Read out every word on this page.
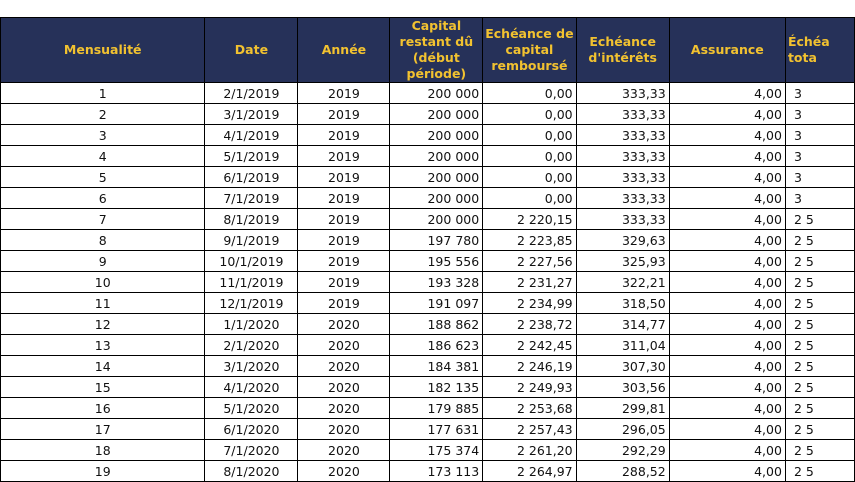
Mensualité	Date	Année	Capital restant dû (début période)	Echéance de capital remboursé	Echéance d'intérêts	Assurance	Échéa tota
1	2/1/2019	2019	200 000	0,00	333,33	4,00	3
2	3/1/2019	2019	200 000	0,00	333,33	4,00	3
3	4/1/2019	2019	200 000	0,00	333,33	4,00	3
4	5/1/2019	2019	200 000	0,00	333,33	4,00	3
5	6/1/2019	2019	200 000	0,00	333,33	4,00	3
6	7/1/2019	2019	200 000	0,00	333,33	4,00	3
7	8/1/2019	2019	200 000	2 220,15	333,33	4,00	2 5
8	9/1/2019	2019	197 780	2 223,85	329,63	4,00	2 5
9	10/1/2019	2019	195 556	2 227,56	325,93	4,00	2 5
10	11/1/2019	2019	193 328	2 231,27	322,21	4,00	2 5
11	12/1/2019	2019	191 097	2 234,99	318,50	4,00	2 5
12	1/1/2020	2020	188 862	2 238,72	314,77	4,00	2 5
13	2/1/2020	2020	186 623	2 242,45	311,04	4,00	2 5
14	3/1/2020	2020	184 381	2 246,19	307,30	4,00	2 5
15	4/1/2020	2020	182 135	2 249,93	303,56	4,00	2 5
16	5/1/2020	2020	179 885	2 253,68	299,81	4,00	2 5
17	6/1/2020	2020	177 631	2 257,43	296,05	4,00	2 5
18	7/1/2020	2020	175 374	2 261,20	292,29	4,00	2 5
19	8/1/2020	2020	173 113	2 264,97	288,52	4,00	2 5
